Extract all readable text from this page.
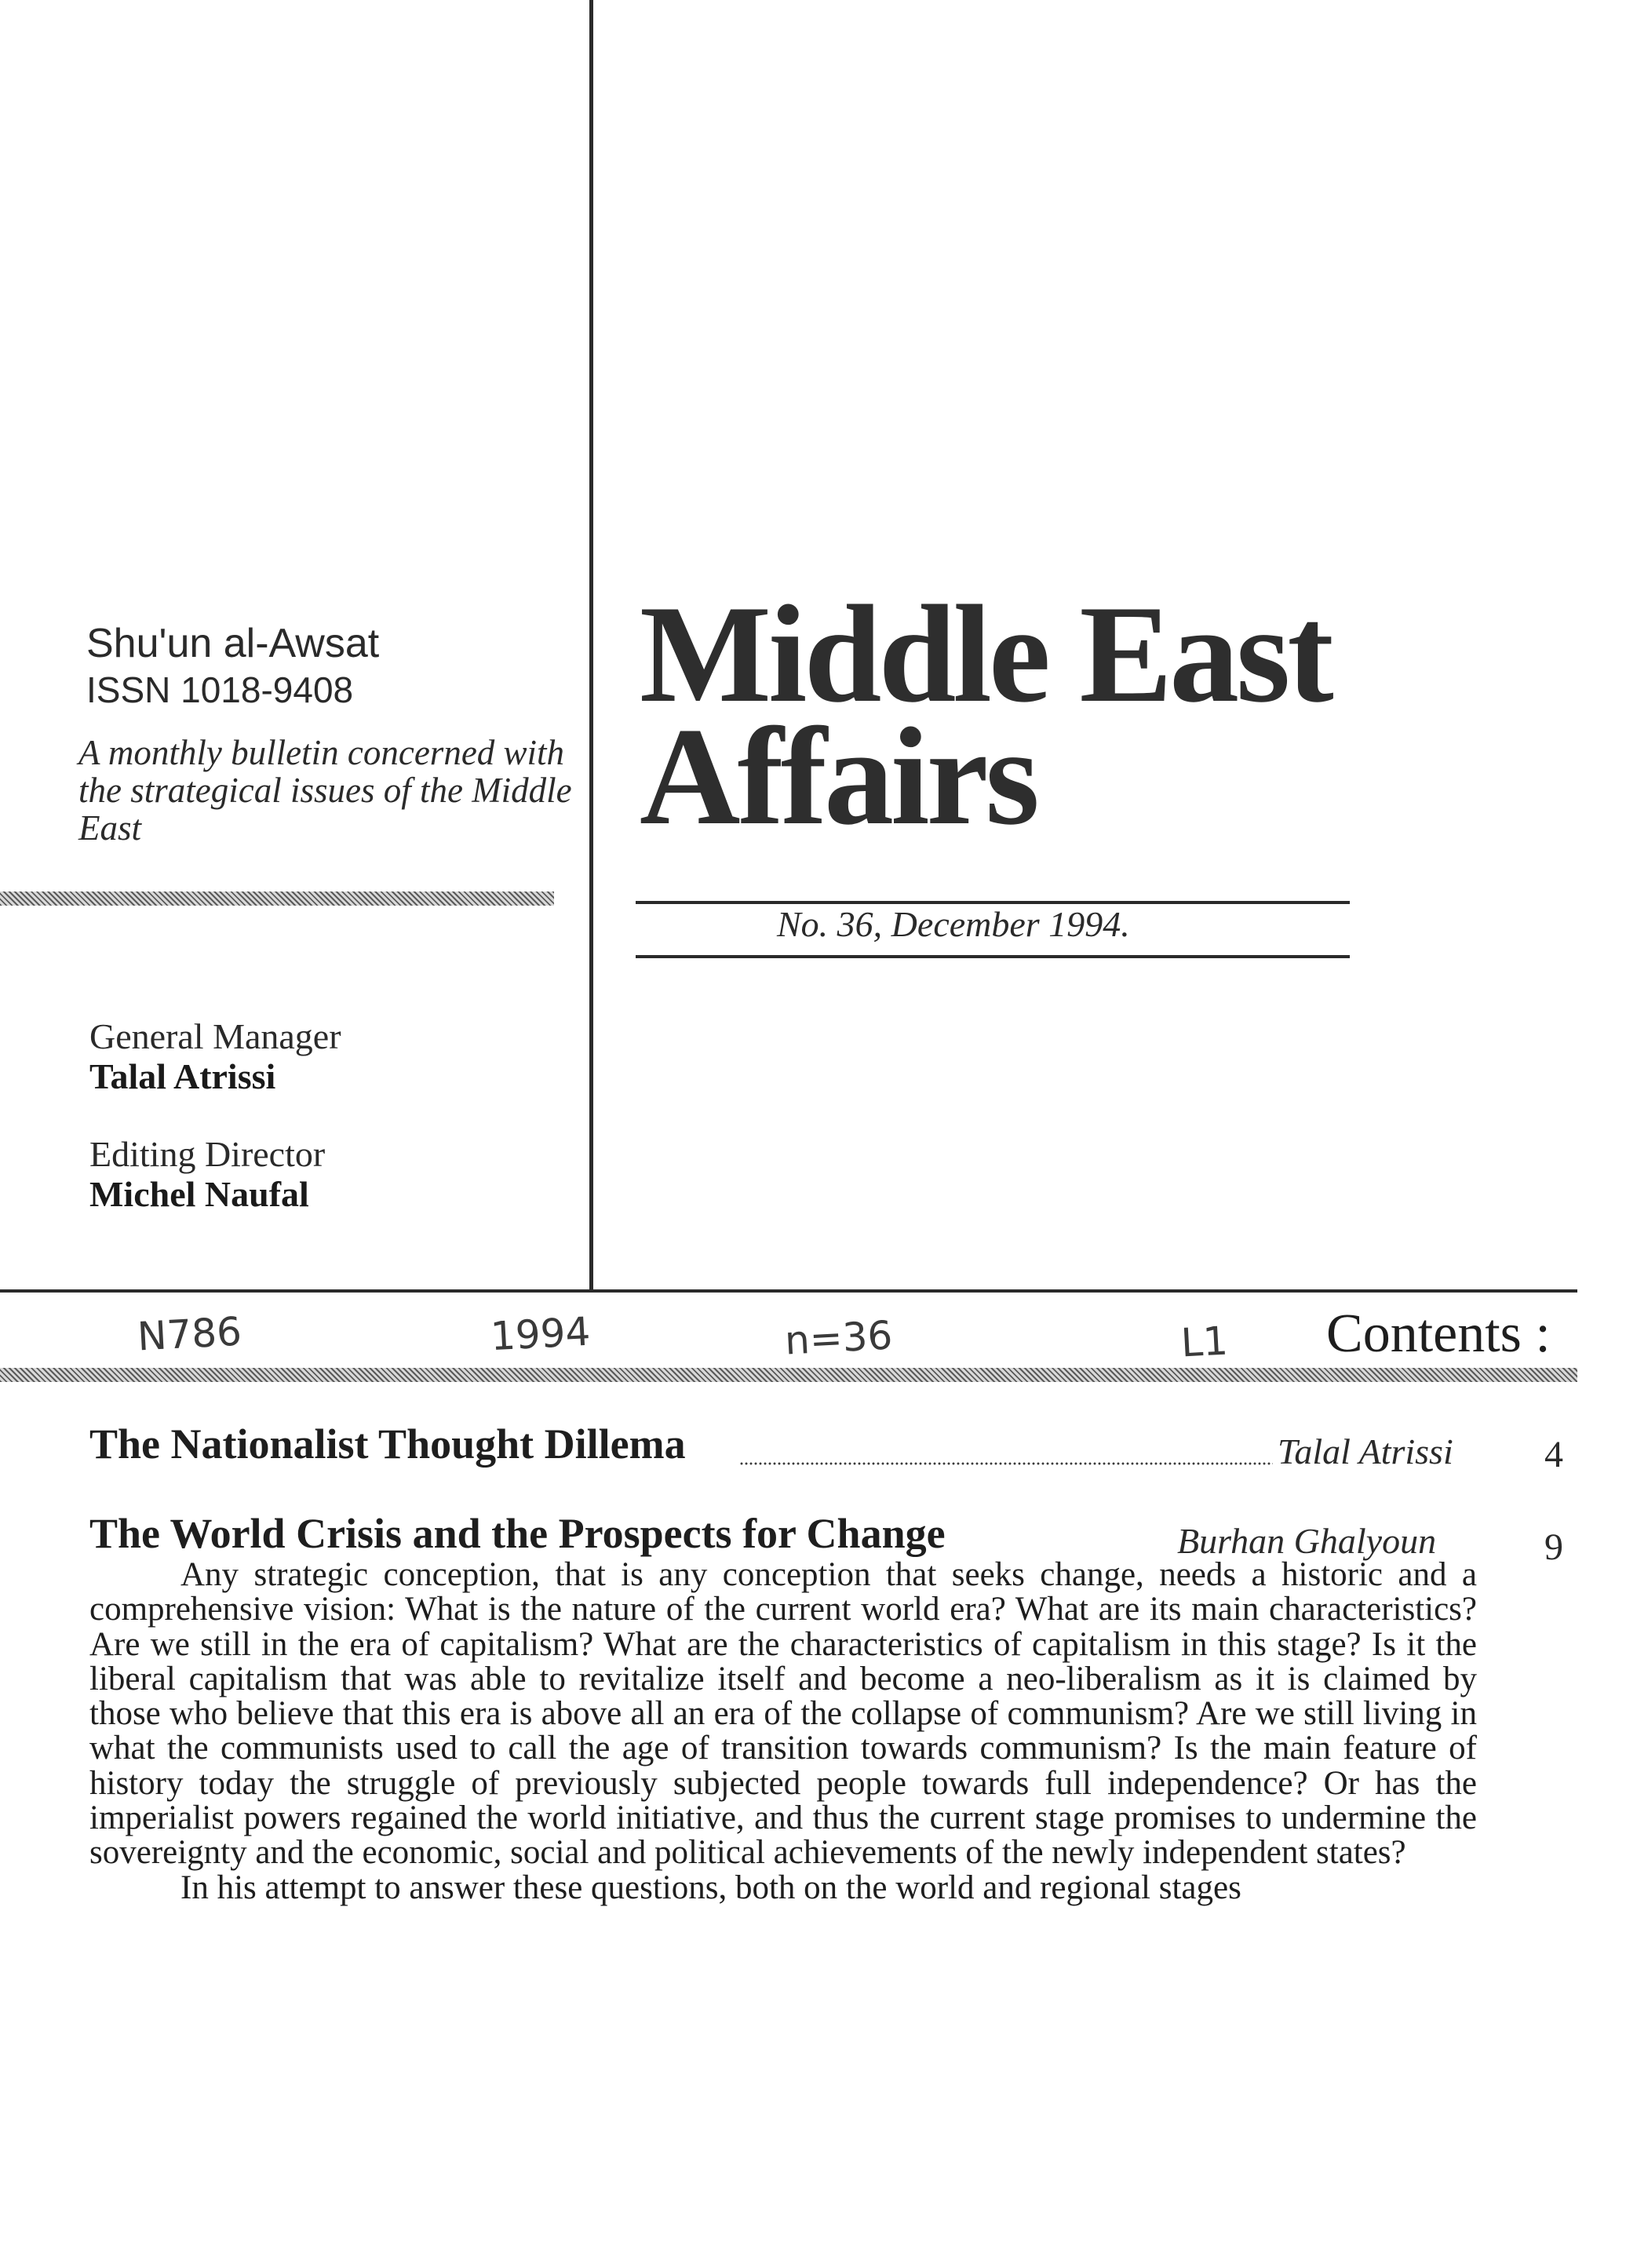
Shu'un al-Awsat
ISSN 1018-9408
A monthly bulletin concerned with the strategical issues of the Middle East
General Manager
Talal Atrissi
Editing Director
Michel Naufal
Middle East
Affairs
No. 36, December 1994.
N786	1994	n=36	L1 Contents :
The Nationalist Thought Dillema	Talal Atrissi 4
The World Crisis and the Prospects for Change	Burhan Ghalyoun	9

Any strategic conception, that is any conception that seeks change, needs a historic and a comprehensive vision: What is the nature of the current world era? What are its main characteristics? Are we still in the era of capitalism? What are the characteristics of capitalism in this stage? Is it the liberal capitalism that was able to revitalize itself and become a neo-liberalism as it is claimed by those who believe that this era is above all an era of the collapse of communism? Are we still living in what the communists used to call the age of transition towards communism? Is the main feature of history today the struggle of previously subjected people towards full independence? Or has the imperialist powers regained the world initiative, and thus the current stage promises to undermine the sovereignty and the economic, social and political achievements of the newly independent states?

In his attempt to answer these questions, both on the world and regional stages
